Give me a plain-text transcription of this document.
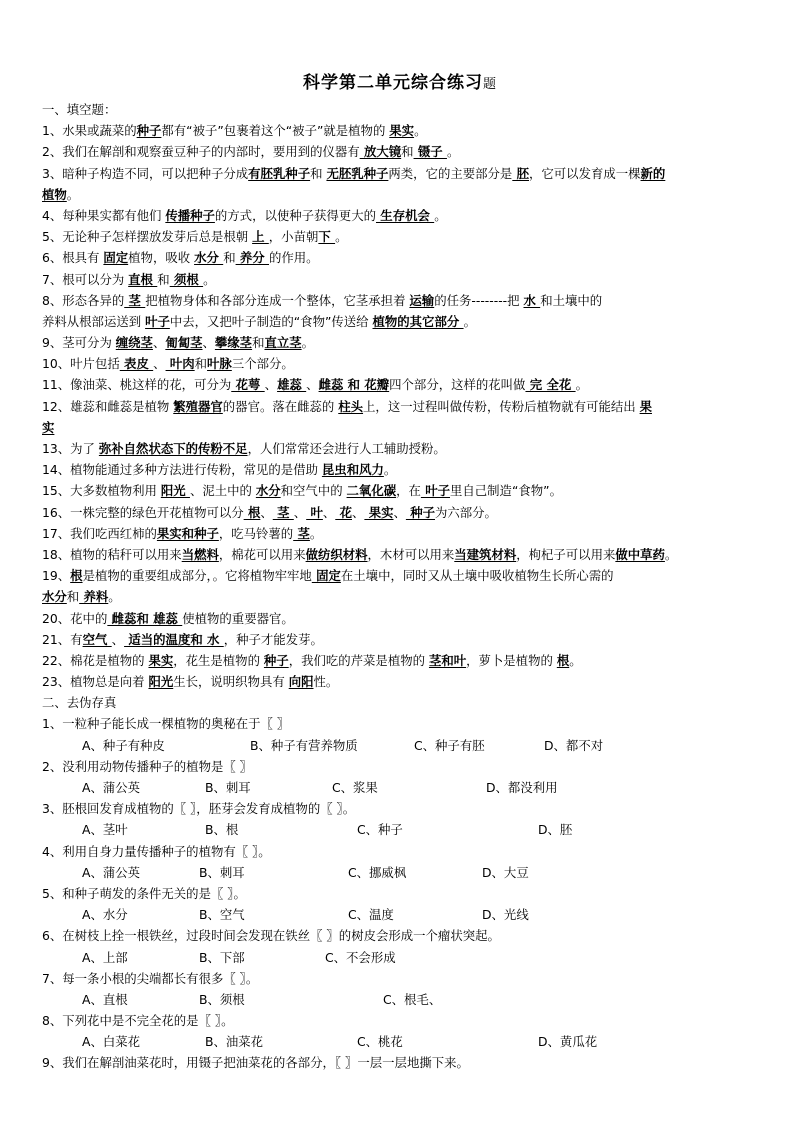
科学第二单元综合练习题
一、填空题：
1、水果或蔬菜的种子都有“被子”包裹着这个“被子”就是植物的 果实。
2、我们在解剖和观察蚕豆种子的内部时，要用到的仪器有 放大镜和 镊子 。
3、暗种子构造不同，可以把种子分成有胚乳种子和 无胚乳种子两类，它的主要部分是 胚，它可以发育成一棵新的
植物。
4、每种果实都有他们 传播种子的方式，以使种子获得更大的 生存机会 。
5、无论种子怎样摆放发芽后总是根朝 上 ，小苗朝下 。
6、根具有 固定植物，吸收 水分 和 养分 的作用。
7、根可以分为 直根 和 须根 。
8、形态各异的 茎 把植物身体和各部分连成一个整体，它茎承担着 运输的任务--------把 水 和土壤中的
养料从根部运送到 叶子中去，又把叶子制造的“食物”传送给 植物的其它部分 。
9、茎可分为 缠绕茎、匍匐茎、攀缘茎和直立茎。
10、叶片包括 表皮 、 叶肉和叶脉三个部分。
11、像油菜、桃这样的花，可分为 花萼 、雄蕊 、雌蕊 和 花瓣四个部分，这样的花叫做 完 全花 。
12、雄蕊和雌蕊是植物 繁殖器官的器官。落在雌蕊的 柱头上，这一过程叫做传粉，传粉后植物就有可能结出 果
实
13、为了 弥补自然状态下的传粉不足，人们常常还会进行人工辅助授粉。
14、植物能通过多种方法进行传粉，常见的是借助 昆虫和风力。
15、大多数植物利用 阳光 、泥土中的 水分和空气中的 二氧化碳，在 叶子里自己制造“食物”。
16、一株完整的绿色开花植物可以分 根、 茎 、 叶、 花、 果实、 种子为六部分。
17、我们吃西红柿的果实和种子，吃马铃薯的 茎。
18、植物的秸秆可以用来当燃料，棉花可以用来做纺织材料，木材可以用来当建筑材料，枸杞子可以用来做中草药。
19、根是植物的重要组成部分，。它将植物牢牢地 固定在土壤中，同时又从土壤中吸收植物生长所心需的
水分和 养料。
20、花中的 雌蕊和 雄蕊 使植物的重要器官。
21、有空气 、 适当的温度和 水 ，种子才能发芽。
22、棉花是植物的 果实，花生是植物的 种子，我们吃的芹菜是植物的 茎和叶，萝卜是植物的 根。
23、植物总是向着 阳光生长，说明织物具有 向阳性。
二、去伪存真
1、一粒种子能长成一棵植物的奥秘在于〖 〗
A、种子有种皮	B、种子有营养物质	C、种子有胚	D、都不对
2、没利用动物传播种子的植物是〖 〗
A、蒲公英	B、刺耳	C、浆果	D、都没利用
3、胚根回发育成植物的〖 〗，胚芽会发育成植物的〖 〗。
A、茎叶	B、根	C、种子	D、胚
4、利用自身力量传播种子的植物有〖 〗。
A、蒲公英	B、刺耳	C、挪威枫	D、大豆
5、和种子萌发的条件无关的是〖 〗。
A、水分	B、空气	C、温度	D、光线
6、在树枝上拴一根铁丝，过段时间会发现在铁丝〖 〗的树皮会形成一个瘤状突起。
A、上部	B、下部	C、不会形成
7、每一条小根的尖端都长有很多〖 〗。
A、直根	B、须根	C、根毛、
8、下列花中是不完全花的是〖 〗。
A、白菜花	B、油菜花	C、桃花	D、黄瓜花
9、我们在解剖油菜花时，用镊子把油菜花的各部分，〖 〗一层一层地撕下来。
